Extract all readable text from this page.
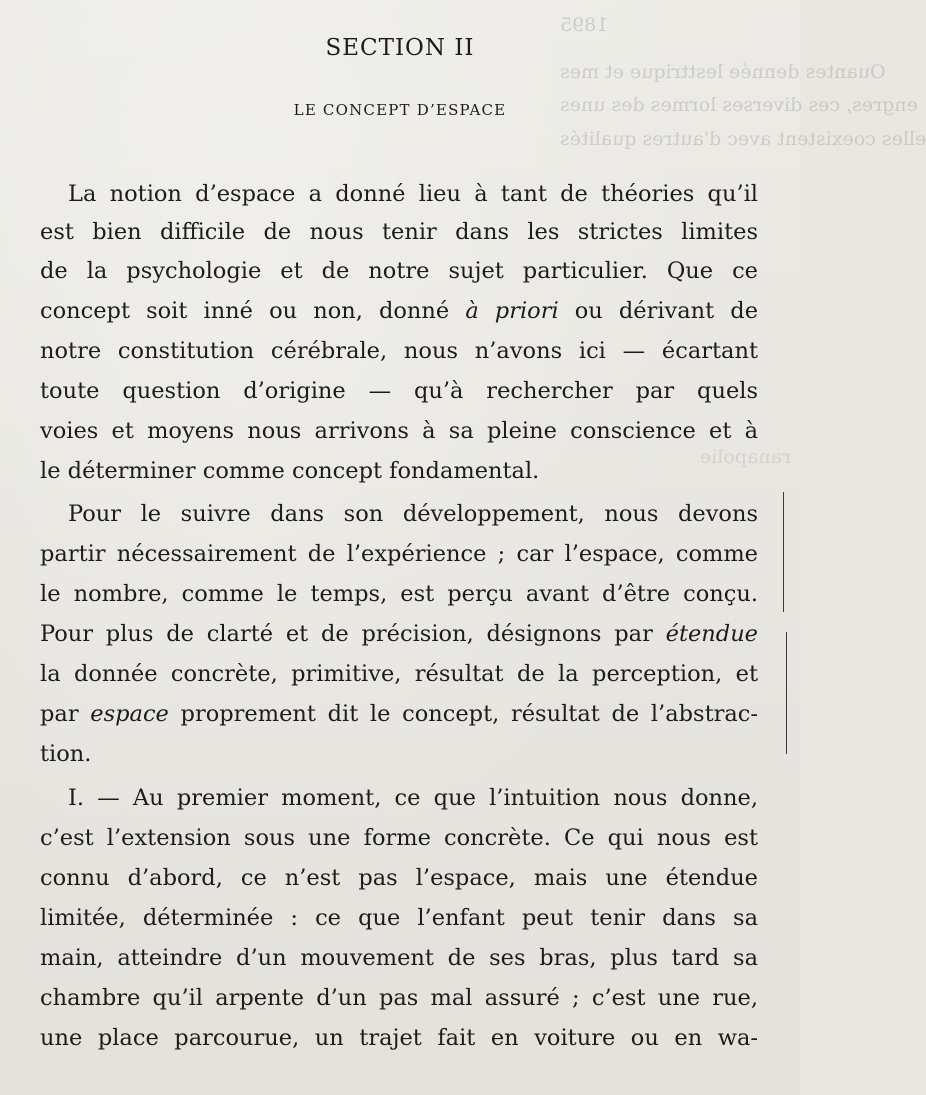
1895
Ouantes dennée lesttrique et mes
engres, ces diverses lormes des unes
elles coexistent avec d'autres qualités
ranapolie
SECTION II
LE CONCEPT D’ESPACE
La notion d’espace a donné lieu à tant de théories qu’il
est bien difficile de nous tenir dans les strictes limites
de la psychologie et de notre sujet particulier. Que ce
concept soit inné ou non, donné à priori ou dérivant de
notre constitution cérébrale, nous n’avons ici — écartant
toute question d’origine — qu’à rechercher par quels
voies et moyens nous arrivons à sa pleine conscience et à
le déterminer comme concept fondamental.
Pour le suivre dans son développement, nous devons
partir nécessairement de l’expérience ; car l’espace, comme
le nombre, comme le temps, est perçu avant d’être conçu.
Pour plus de clarté et de précision, désignons par étendue
la donnée concrète, primitive, résultat de la perception, et
par espace proprement dit le concept, résultat de l’abstrac-
tion.
I. — Au premier moment, ce que l’intuition nous donne,
c’est l’extension sous une forme concrète. Ce qui nous est
connu d’abord, ce n’est pas l’espace, mais une étendue
limitée, déterminée : ce que l’enfant peut tenir dans sa
main, atteindre d’un mouvement de ses bras, plus tard sa
chambre qu’il arpente d’un pas mal assuré ; c’est une rue,
une place parcourue, un trajet fait en voiture ou en wa-
